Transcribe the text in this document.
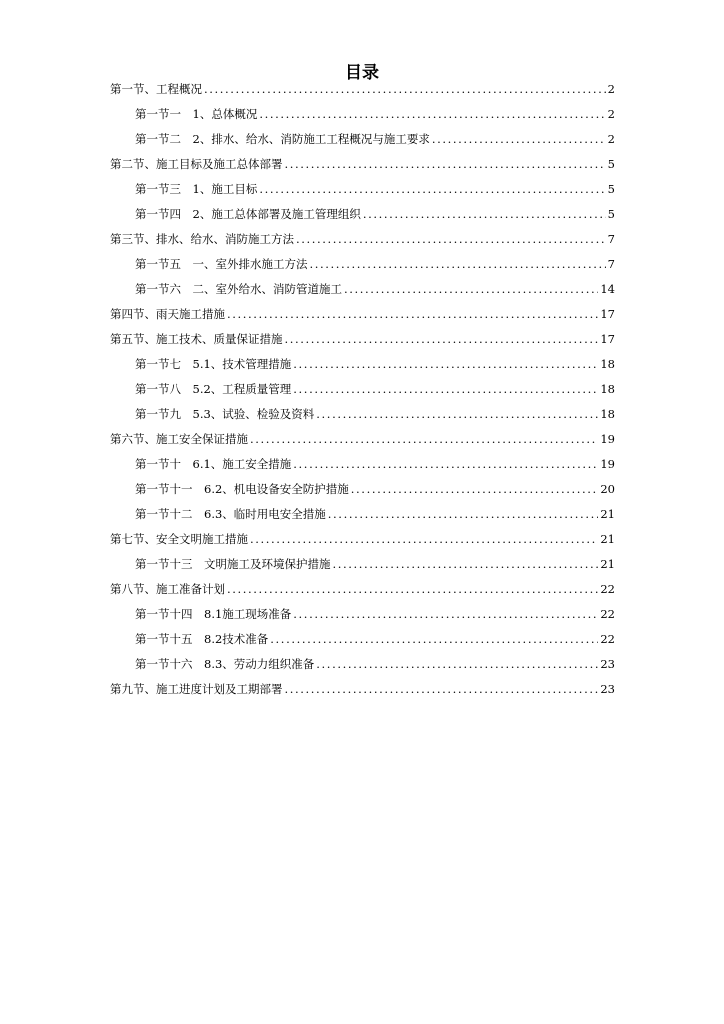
目录
第一节、工程概况 .....	2
第一节一　1、总体概况 .....	2
第一节二　2、排水、给水、消防施工工程概况与施工要求 .....	2
第二节、施工目标及施工总体部署 .....	5
第一节三　1、施工目标 .....	5
第一节四　2、施工总体部署及施工管理组织 .....	5
第三节、排水、给水、消防施工方法 .....	7
第一节五　一、室外排水施工方法 .....	7
第一节六　二、室外给水、消防管道施工 .....	14
第四节、雨天施工措施 .....	17
第五节、施工技术、质量保证措施 .....	17
第一节七　5.1、技术管理措施 .....	18
第一节八　5.2、工程质量管理 .....	18
第一节九　5.3、试验、检验及资料 .....	18
第六节、施工安全保证措施 .....	19
第一节十　6.1、施工安全措施 .....	19
第一节十一　6.2、机电设备安全防护措施 .....	20
第一节十二　6.3、临时用电安全措施 .....	21
第七节、安全文明施工措施 .....	21
第一节十三　文明施工及环境保护措施 .....	21
第八节、施工准备计划 .....	22
第一节十四　8.1施工现场准备 .....	22
第一节十五　8.2技术准备 .....	22
第一节十六　8.3、劳动力组织准备 .....	23
第九节、施工进度计划及工期部署 .....	23
